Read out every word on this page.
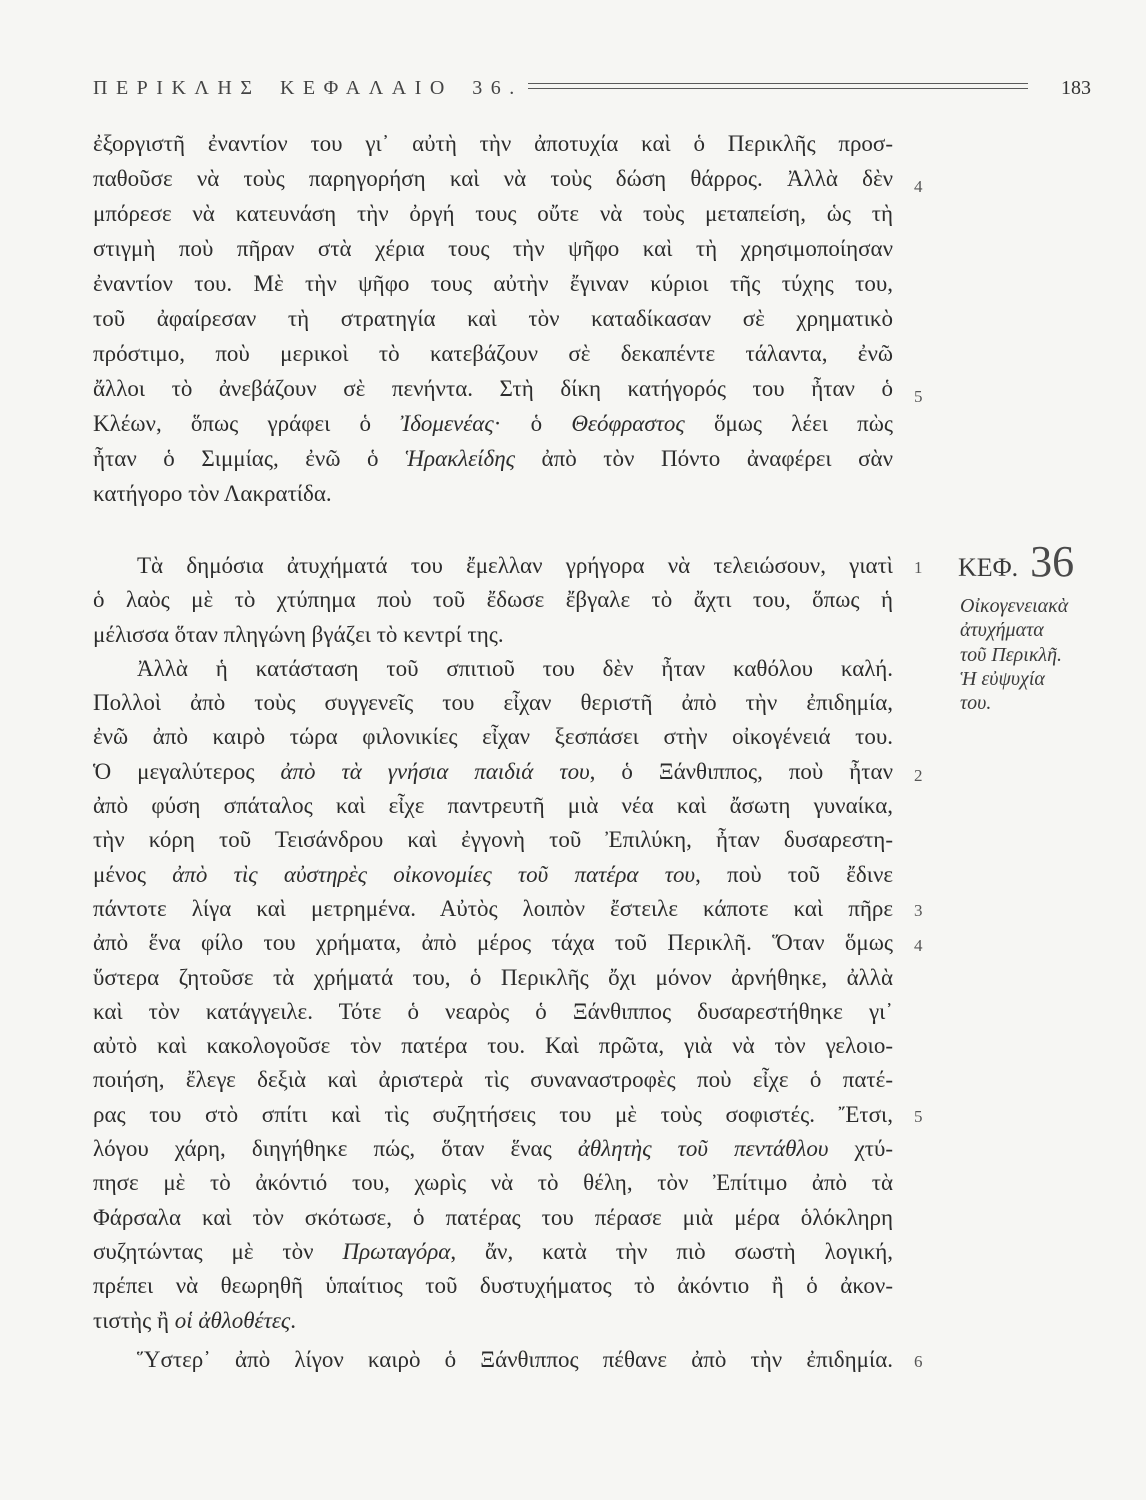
ΠΕΡΙΚΛΗΣ ΚΕΦΑΛΑΙΟ 36.	183
ἐξοργιστῆ ἐναντίον του γι᾽ αὐτὴ τὴν ἀποτυχία καὶ ὁ Περικλῆς προσ-
παθοῦσε νὰ τοὺς παρηγορήση καὶ νὰ τοὺς δώση θάρρος. Ἀλλὰ δὲν
μπόρεσε νὰ κατευνάση τὴν ὀργή τους οὔτε νὰ τοὺς μεταπείση, ὡς τὴ
στιγμὴ ποὺ πῆραν στὰ χέρια τους τὴν ψῆφο καὶ τὴ χρησιμοποίησαν
ἐναντίον του. Μὲ τὴν ψῆφο τους αὐτὴν ἔγιναν κύριοι τῆς τύχης του,
τοῦ ἀφαίρεσαν τὴ στρατηγία καὶ τὸν καταδίκασαν σὲ χρηματικὸ
πρόστιμο, ποὺ μερικοὶ τὸ κατεβάζουν σὲ δεκαπέντε τάλαντα, ἐνῶ
ἄλλοι τὸ ἀνεβάζουν σὲ πενήντα. Στὴ δίκη κατήγορός του ἦταν ὁ
Κλέων, ὅπως γράφει ὁ Ἰδομενέας· ὁ Θεόφραστος ὅμως λέει πὼς
ἦταν ὁ Σιμμίας, ἐνῶ ὁ Ἡρακλείδης ἀπὸ τὸν Πόντο ἀναφέρει σὰν
κατήγορο τὸν Λακρατίδα.
Τὰ δημόσια ἀτυχήματά του ἔμελλαν γρήγορα νὰ τελειώσουν, γιατὶ
ὁ λαὸς μὲ τὸ χτύπημα ποὺ τοῦ ἔδωσε ἔβγαλε τὸ ἄχτι του, ὅπως ἡ
μέλισσα ὅταν πληγώνη βγάζει τὸ κεντρί της.
Ἀλλὰ ἡ κατάσταση τοῦ σπιτιοῦ του δὲν ἦταν καθόλου καλή.
Πολλοὶ ἀπὸ τοὺς συγγενεῖς του εἶχαν θεριστῆ ἀπὸ τὴν ἐπιδημία,
ἐνῶ ἀπὸ καιρὸ τώρα φιλονικίες εἶχαν ξεσπάσει στὴν οἰκογένειά του.
Ὁ μεγαλύτερος ἀπὸ τὰ γνήσια παιδιά του, ὁ Ξάνθιππος, ποὺ ἦταν
ἀπὸ φύση σπάταλος καὶ εἶχε παντρευτῆ μιὰ νέα καὶ ἄσωτη γυναίκα,
τὴν κόρη τοῦ Τεισάνδρου καὶ ἐγγονὴ τοῦ Ἐπιλύκη, ἦταν δυσαρεστη-
μένος ἀπὸ τὶς αὐστηρὲς οἰκονομίες τοῦ πατέρα του, ποὺ τοῦ ἔδινε
πάντοτε λίγα καὶ μετρημένα. Αὐτὸς λοιπὸν ἔστειλε κάποτε καὶ πῆρε
ἀπὸ ἕνα φίλο του χρήματα, ἀπὸ μέρος τάχα τοῦ Περικλῆ. Ὅταν ὅμως
ὕστερα ζητοῦσε τὰ χρήματά του, ὁ Περικλῆς ὄχι μόνον ἀρνήθηκε, ἀλλὰ
καὶ τὸν κατάγγειλε. Τότε ὁ νεαρὸς ὁ Ξάνθιππος δυσαρεστήθηκε γι᾽
αὐτὸ καὶ κακολογοῦσε τὸν πατέρα του. Καὶ πρῶτα, γιὰ νὰ τὸν γελοιο-
ποιήση, ἔλεγε δεξιὰ καὶ ἀριστερὰ τὶς συναναστροφὲς ποὺ εἶχε ὁ πατέ-
ρας του στὸ σπίτι καὶ τὶς συζητήσεις του μὲ τοὺς σοφιστές. Ἔτσι,
λόγου χάρη, διηγήθηκε πώς, ὅταν ἕνας ἀθλητὴς τοῦ πεντάθλου χτύ-
πησε μὲ τὸ ἀκόντιό του, χωρὶς νὰ τὸ θέλη, τὸν Ἐπίτιμο ἀπὸ τὰ
Φάρσαλα καὶ τὸν σκότωσε, ὁ πατέρας του πέρασε μιὰ μέρα ὁλόκληρη
συζητώντας μὲ τὸν Πρωταγόρα, ἄν, κατὰ τὴν πιὸ σωστὴ λογική,
πρέπει νὰ θεωρηθῆ ὑπαίτιος τοῦ δυστυχήματος τὸ ἀκόντιο ἢ ὁ ἀκον-
τιστὴς ἢ οἱ ἀθλοθέτες.
Ὕστερ᾽ ἀπὸ λίγον καιρὸ ὁ Ξάνθιππος πέθανε ἀπὸ τὴν ἐπιδημία.
4
5
1
2
3
4
5
6
ΚΕΦ. 36
Οἰκογενειακὰ
ἀτυχήματα
τοῦ Περικλῆ.
Ἡ εὐψυχία
του.
